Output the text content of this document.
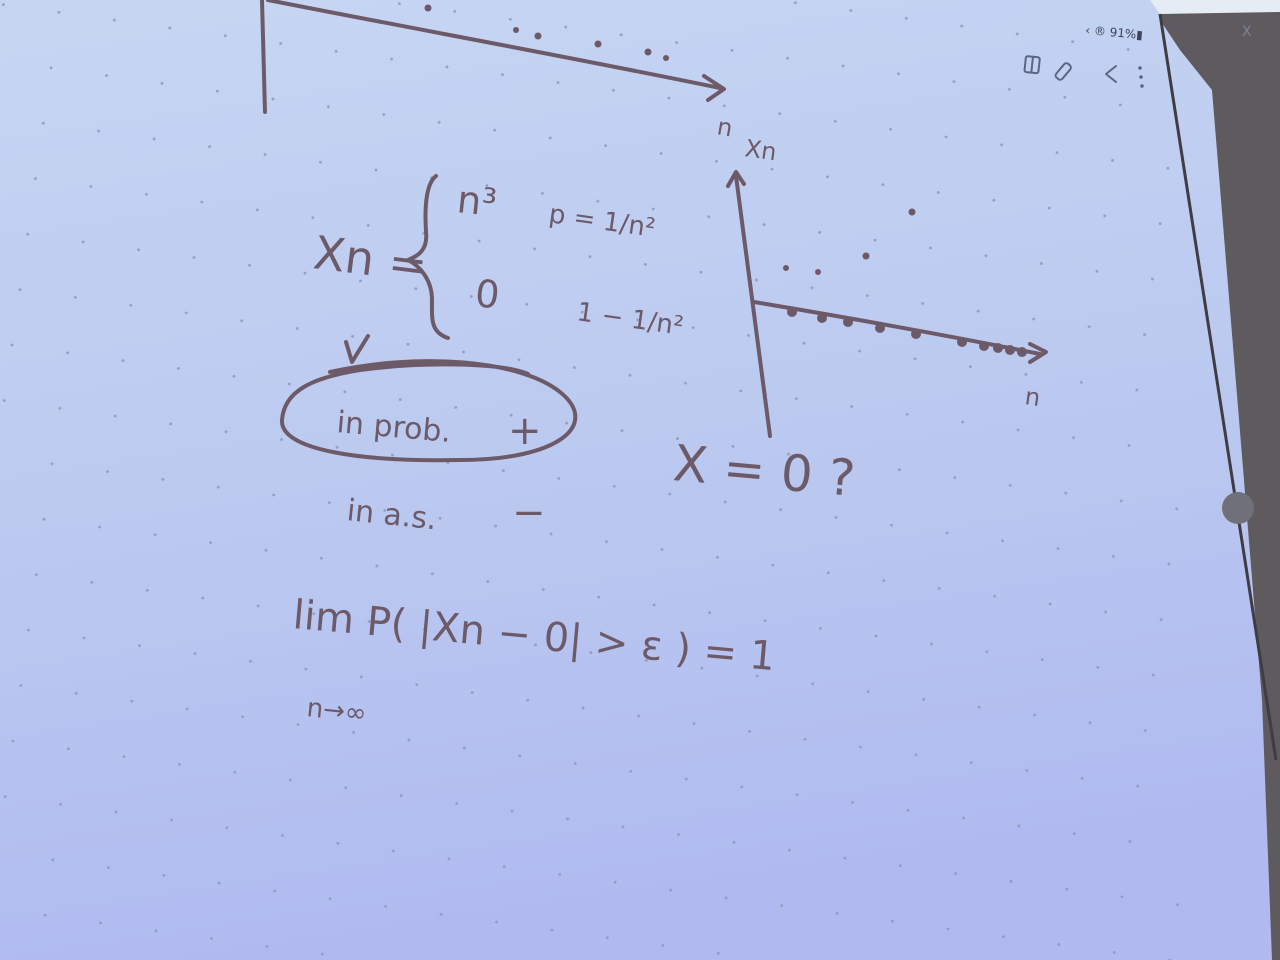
‹ ® 91%▮	X
n
Xn =
n³ p = 1/n²
0
1 − 1/n²
in prob. +
in a.s. −
Xn
n
X = 0 ?
lim P( |Xn − 0| > ε ) = 1
n→∞
